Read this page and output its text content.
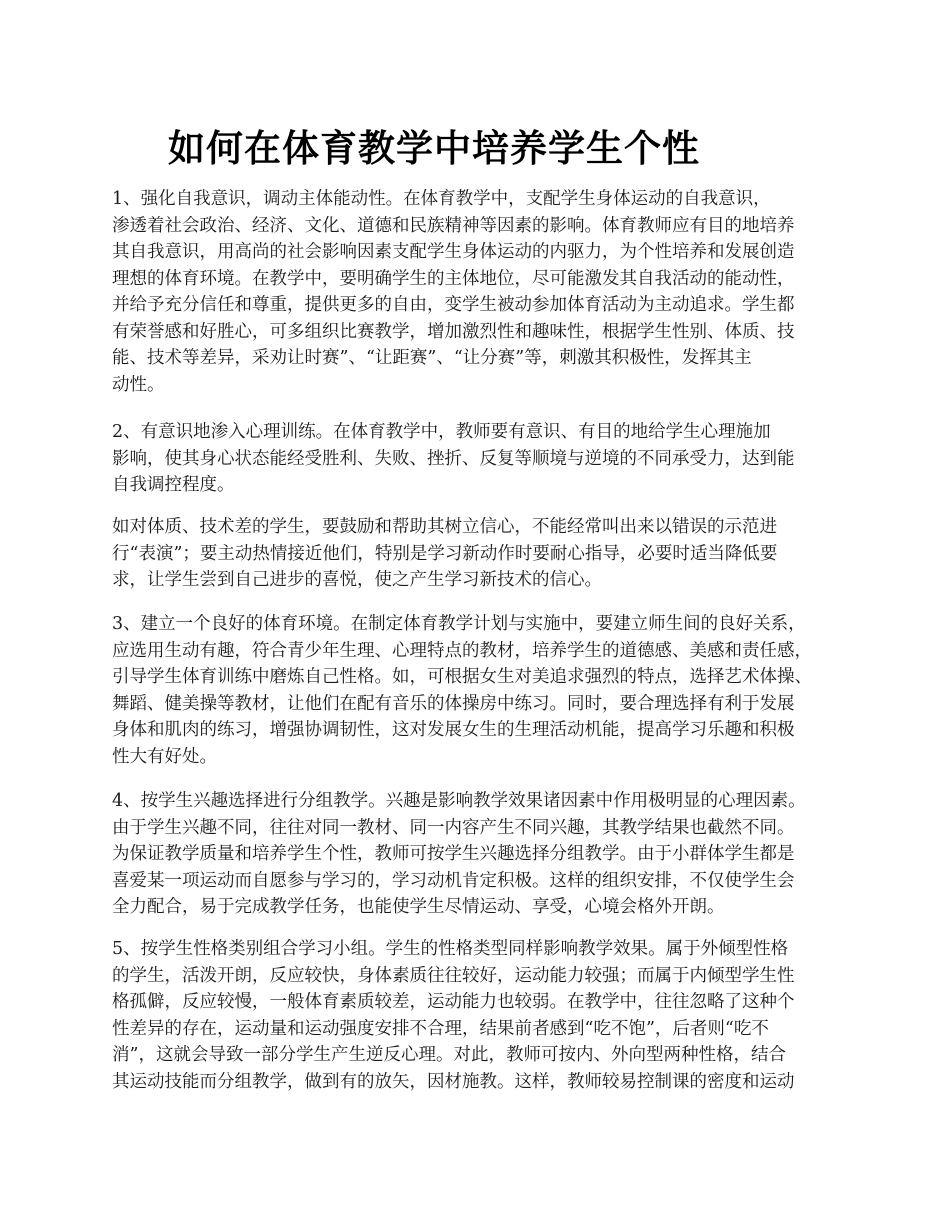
如何在体育教学中培养学生个性
1、强化自我意识，调动主体能动性。在体育教学中，支配学生身体运动的自我意识，
渗透着社会政治、经济、文化、道德和民族精神等因素的影响。体育教师应有目的地培养
其自我意识，用高尚的社会影响因素支配学生身体运动的内驱力，为个性培养和发展创造
理想的体育环境。在教学中，要明确学生的主体地位，尽可能激发其自我活动的能动性，
并给予充分信任和尊重，提供更多的自由，变学生被动参加体育活动为主动追求。学生都
有荣誉感和好胜心，可多组织比赛教学，增加激烈性和趣味性，根据学生性别、体质、技
能、技术等差异，采劝让时赛”、“让距赛”、“让分赛”等，刺激其积极性，发挥其主
动性。
2、有意识地渗入心理训练。在体育教学中，教师要有意识、有目的地给学生心理施加
影响，使其身心状态能经受胜利、失败、挫折、反复等顺境与逆境的不同承受力，达到能
自我调控程度。
如对体质、技术差的学生，要鼓励和帮助其树立信心，不能经常叫出来以错误的示范进
行“表演”；要主动热情接近他们，特别是学习新动作时要耐心指导，必要时适当降低要
求，让学生尝到自己进步的喜悦，使之产生学习新技术的信心。
3、建立一个良好的体育环境。在制定体育教学计划与实施中，要建立师生间的良好关系，
应选用生动有趣，符合青少年生理、心理特点的教材，培养学生的道德感、美感和责任感，
引导学生体育训练中磨炼自己性格。如，可根据女生对美追求强烈的特点，选择艺术体操、
舞蹈、健美操等教材，让他们在配有音乐的体操房中练习。同时，要合理选择有利于发展
身体和肌肉的练习，增强协调韧性，这对发展女生的生理活动机能，提高学习乐趣和积极
性大有好处。
4、按学生兴趣选择进行分组教学。兴趣是影响教学效果诸因素中作用极明显的心理因素。
由于学生兴趣不同，往往对同一教材、同一内容产生不同兴趣，其教学结果也截然不同。
为保证教学质量和培养学生个性，教师可按学生兴趣选择分组教学。由于小群体学生都是
喜爱某一项运动而自愿参与学习的，学习动机肯定积极。这样的组织安排，不仅使学生会
全力配合，易于完成教学任务，也能使学生尽情运动、享受，心境会格外开朗。
5、按学生性格类别组合学习小组。学生的性格类型同样影响教学效果。属于外倾型性格
的学生，活泼开朗，反应较快，身体素质往往较好，运动能力较强；而属于内倾型学生性
格孤僻，反应较慢，一般体育素质较差，运动能力也较弱。在教学中，往往忽略了这种个
性差异的存在，运动量和运动强度安排不合理，结果前者感到“吃不饱”，后者则“吃不
消”，这就会导致一部分学生产生逆反心理。对此，教师可按内、外向型两种性格，结合
其运动技能而分组教学，做到有的放矢，因材施教。这样，教师较易控制课的密度和运动
